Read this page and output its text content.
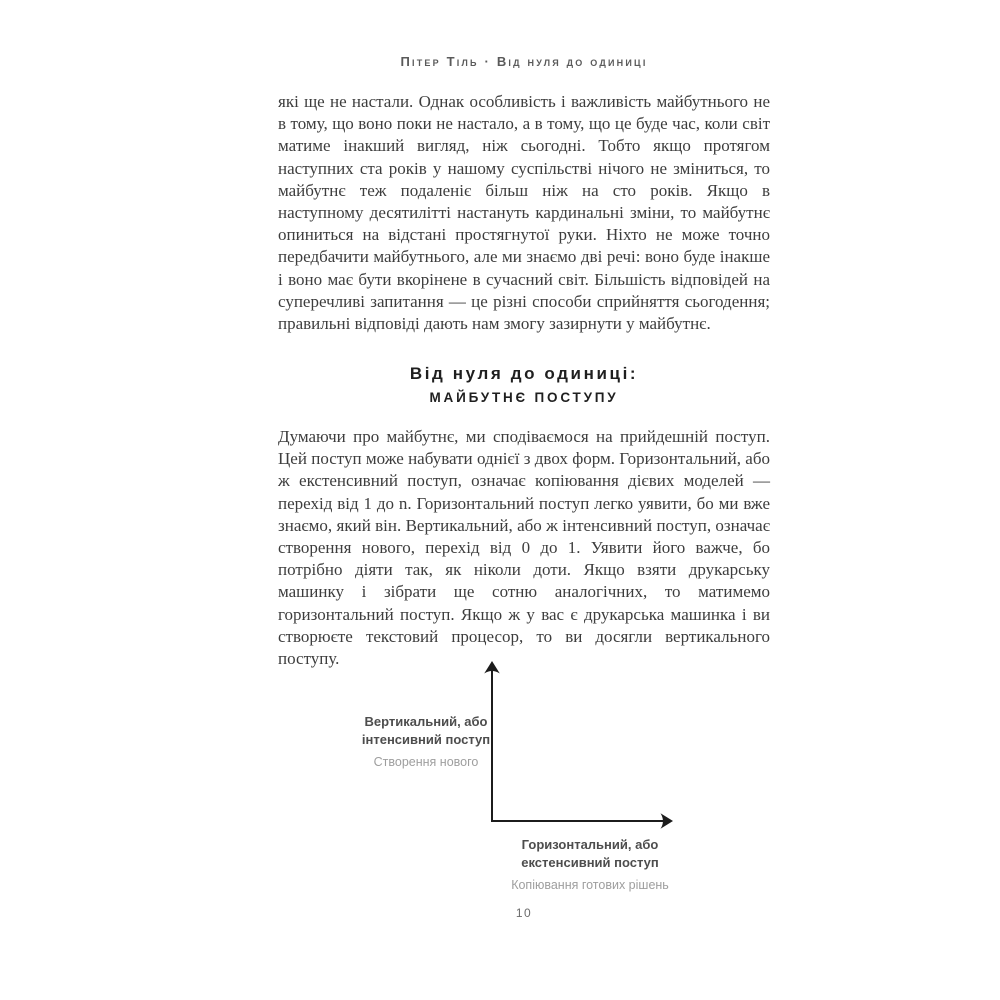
Пітер Тіль · Від нуля до одиниці

які ще не настали. Однак особливість і важливість майбутнього не в тому, що воно поки не настало, а в тому, що це буде час, коли світ матиме інакший вигляд, ніж сьогодні. Тобто якщо протягом наступних ста років у нашому суспільстві нічого не зміниться, то майбутнє теж подаленіє більш ніж на сто років. Якщо в наступному десятилітті настануть кардинальні зміни, то майбутнє опиниться на відстані простягнутої руки. Ніхто не може точно передбачити майбутнього, але ми знаємо дві речі: воно буде інакше і воно має бути вкорінене в сучасний світ. Більшість відповідей на суперечливі запитання — це різні способи сприйняття сьогодення; правильні відповіді дають нам змогу зазирнути у майбутнє.

Від нуля до одиниці:
МАЙБУТНЄ ПОСТУПУ

Думаючи про майбутнє, ми сподіваємося на прийдешній поступ. Цей поступ може набувати однієї з двох форм. Горизонтальний, або ж екстенсивний поступ, означає копіювання дієвих моделей — перехід від 1 до n. Горизонтальний поступ легко уявити, бо ми вже знаємо, який він. Вертикальний, або ж інтенсивний поступ, означає створення нового, перехід від 0 до 1. Уявити його важче, бо потрібно діяти так, як ніколи доти. Якщо взяти друкарську машинку і зібрати ще сотню аналогічних, то матимемо горизонтальний поступ. Якщо ж у вас є друкарська машинка і ви створюєте текстовий процесор, то ви досягли вертикального поступу.

Вертикальний, або інтенсивний поступ
Створення нового
Горизонтальний, або екстенсивний поступ
Копіювання готових рішень
10
